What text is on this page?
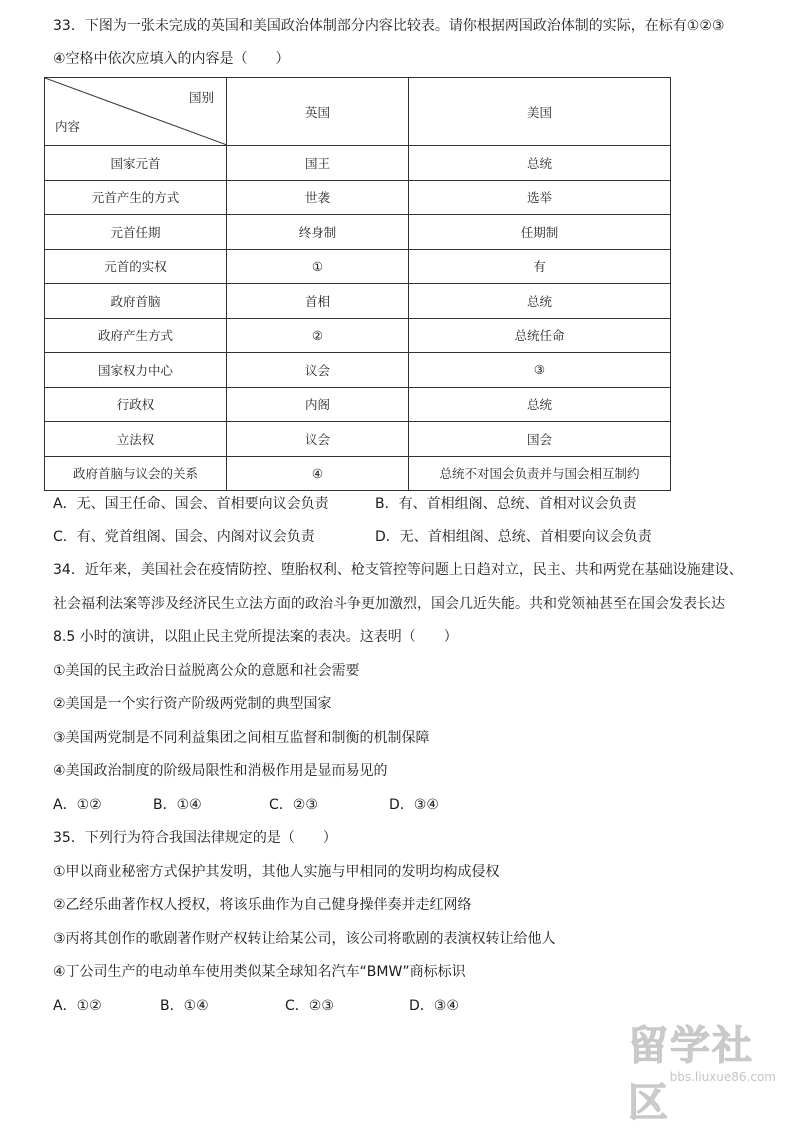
33．下图为一张未完成的英国和美国政治体制部分内容比较表。请你根据两国政治体制的实际，在标有①②③
④空格中依次应填入的内容是（　　）
国别
内容	英国	美国
国家元首	国王	总统
元首产生的方式	世袭	选举
元首任期	终身制	任期制
元首的实权	①	有
政府首脑	首相	总统
政府产生方式	②	总统任命
国家权力中心	议会	③
行政权	内阁	总统
立法权	议会	国会
政府首脑与议会的关系	④	总统不对国会负责并与国会相互制约
A．无、国王任命、国会、首相要向议会负责	B．有、首相组阁、总统、首相对议会负责
C．有、党首组阁、国会、内阁对议会负责	D．无、首相组阁、总统、首相要向议会负责
34．近年来，美国社会在疫情防控、堕胎权利、枪支管控等问题上日趋对立，民主、共和两党在基础设施建设、
社会福利法案等涉及经济民生立法方面的政治斗争更加激烈，国会几近失能。共和党领袖甚至在国会发表长达
8.5 小时的演讲，以阻止民主党所提法案的表决。这表明（　　）
①美国的民主政治日益脱离公众的意愿和社会需要
②美国是一个实行资产阶级两党制的典型国家
③美国两党制是不同利益集团之间相互监督和制衡的机制保障
④美国政治制度的阶级局限性和消极作用是显而易见的
A．①②	B．①④	C．②③	D．③④
35．下列行为符合我国法律规定的是（　　）
①甲以商业秘密方式保护其发明，其他人实施与甲相同的发明均构成侵权
②乙经乐曲著作权人授权，将该乐曲作为自己健身操伴奏并走红网络
③丙将其创作的歌剧著作财产权转让给某公司，该公司将歌剧的表演权转让给他人
④丁公司生产的电动单车使用类似某全球知名汽车“BMW”商标标识
A．①②	B．①④	C．②③	D．③④
留学社区
bbs.liuxue86.com
